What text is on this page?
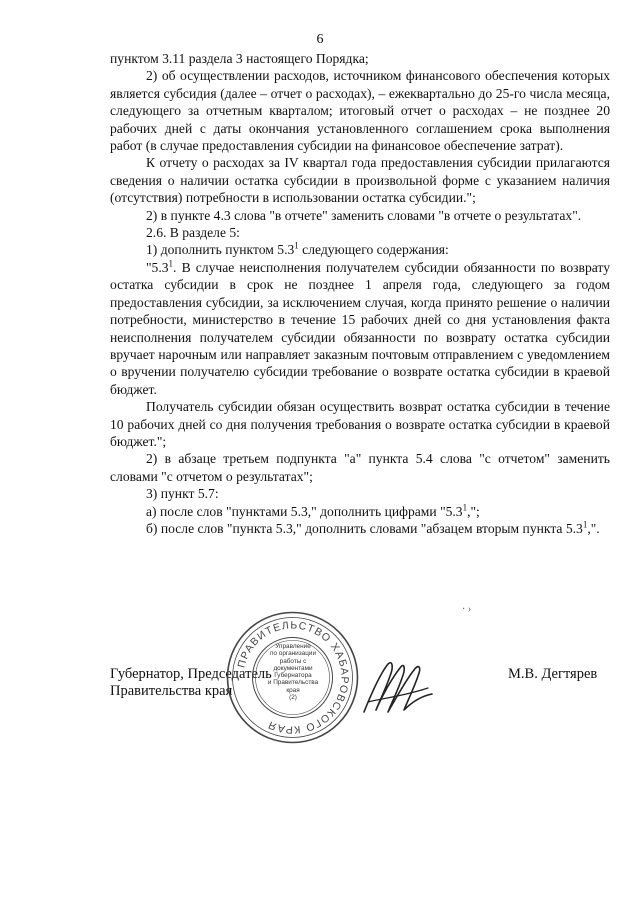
6

пунктом 3.11 раздела 3 настоящего Порядка;

2) об осуществлении расходов, источником финансового обеспечения которых является субсидия (далее – отчет о расходах), – ежеквартально до 25-го числа месяца, следующего за отчетным кварталом; итоговый отчет о расходах – не позднее 20 рабочих дней с даты окончания установленного соглашением срока выполнения работ (в случае предоставления субсидии на финансовое обеспечение затрат).

К отчету о расходах за IV квартал года предоставления субсидии прилагаются сведения о наличии остатка субсидии в произвольной форме с указанием наличия (отсутствия) потребности в использовании остатка субсидии.";

2) в пункте 4.3 слова "в отчете" заменить словами "в отчете о результатах".

2.6. В разделе 5:

1) дополнить пунктом $5.3^1$ следующего содержания:

"$5.3^1$. В случае неисполнения получателем субсидии обязанности по возврату остатка субсидии в срок не позднее 1 апреля года, следующего за годом предоставления субсидии, за исключением случая, когда принято решение о наличии потребности, министерство в течение 15 рабочих дней со дня установления факта неисполнения получателем субсидии обязанности по возврату остатка субсидии вручает нарочным или направляет заказным почтовым отправлением с уведомлением о вручении получателю субсидии требование о возврате остатка субсидии в краевой бюджет.

Получатель субсидии обязан осуществить возврат остатка субсидии в течение 10 рабочих дней со дня получения требования о возврате остатка субсидии в краевой бюджет.";

2) в абзаце третьем подпункта "а" пункта 5.4 слова "с отчетом" заменить словами "с отчетом о результатах";

3) пункт 5.7:

а) после слов "пунктами 5.3," дополнить цифрами "$5.3^1$,";

б) после слов "пункта 5.3," дополнить словами "абзацем вторым пункта $5.3^1$,".

· ›
Губернатор, Председатель
Правительства края
ПРАВИТЕЛЬСТВО ХАБАРОВСКОГО КРАЯ
Управление
по организации
работы с документами
Губернатора
и Правительства
края
(2)
М.В. Дегтярев
